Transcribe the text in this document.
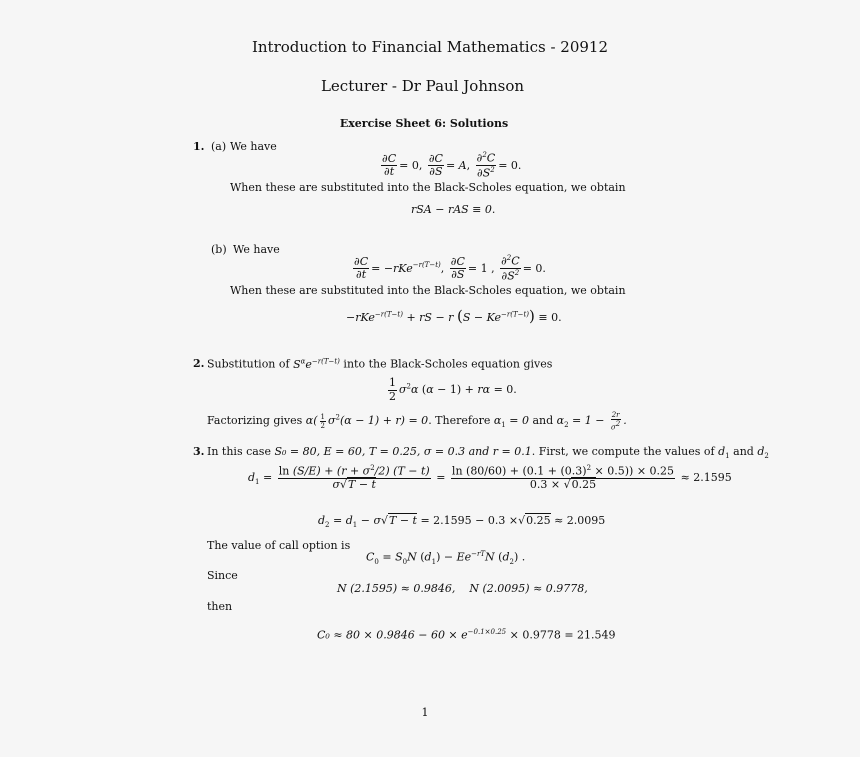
Introduction to Financial Mathematics - 20912
Lecturer - Dr Paul Johnson
Exercise Sheet 6: Solutions
1. (a) We have
$\frac{\partial C}{\partial t} = 0$, $\frac{\partial C}{\partial S} = A$, $\frac{\partial^2C}{\partial S^2} = 0$.
When these are substituted into the Black-Scholes equation, we obtain
rSA − rAS ≡ 0.
(b) We have
$\frac{\partial C}{\partial t} = -rKe^{-r(T-t)}$, $\frac{\partial C}{\partial S} = 1$ , $\frac{\partial^2C}{\partial S^2} = 0$.
When these are substituted into the Black-Scholes equation, we obtain
−rKe$^{-r(T-t)}$ + rS − r $(S - Ke^{-r(T-t)}) \equiv 0$.
2. Substitution of $S^\alpha e^{-r(T-t)}$ into the Black-Scholes equation gives
$\frac{1}{2} \sigma^2\alpha$ (α − 1) + rα = 0.
Factorizing gives $\alpha( \frac{1}{2} \sigma^2(\alpha - 1) + r) = 0$. Therefore $\alpha_1 = 0$ and $\alpha_2 = 1 - \frac{2r}{\sigma^2}$ .
3. In this case S₀ = 80, E = 60, T = 0.25, σ = 0.3 and r = 0.1. First, we compute the values of $d_1$ and $d_2$
$d_1 = \frac{\ln (S/E) + (r + \sigma^2/2) (T - t)}{\sigma√T - t} = \frac{\ln (80/60) + (0.1 + (0.3)^2 \times 0.5)) \times 0.25}{0.3 \times √0.25} \approx 2.1595$
$d_2 = d_1 - \sigma√T - t = 2.1595 - 0.3 \times√0.25 \approx 2.0095$
The value of call option is
$C_0 = S_0N$ $(d_1) - Ee^{-rT}N$ $(d_2)$ .
Since
N (2.1595) ≈ 0.9846, N (2.0095) ≈ 0.9778,
then
$C_0 \approx 80 \times 0.9846 - 60 \times e^{-0.1\times 0.25} \times 0.9778 = 21.549$
1
